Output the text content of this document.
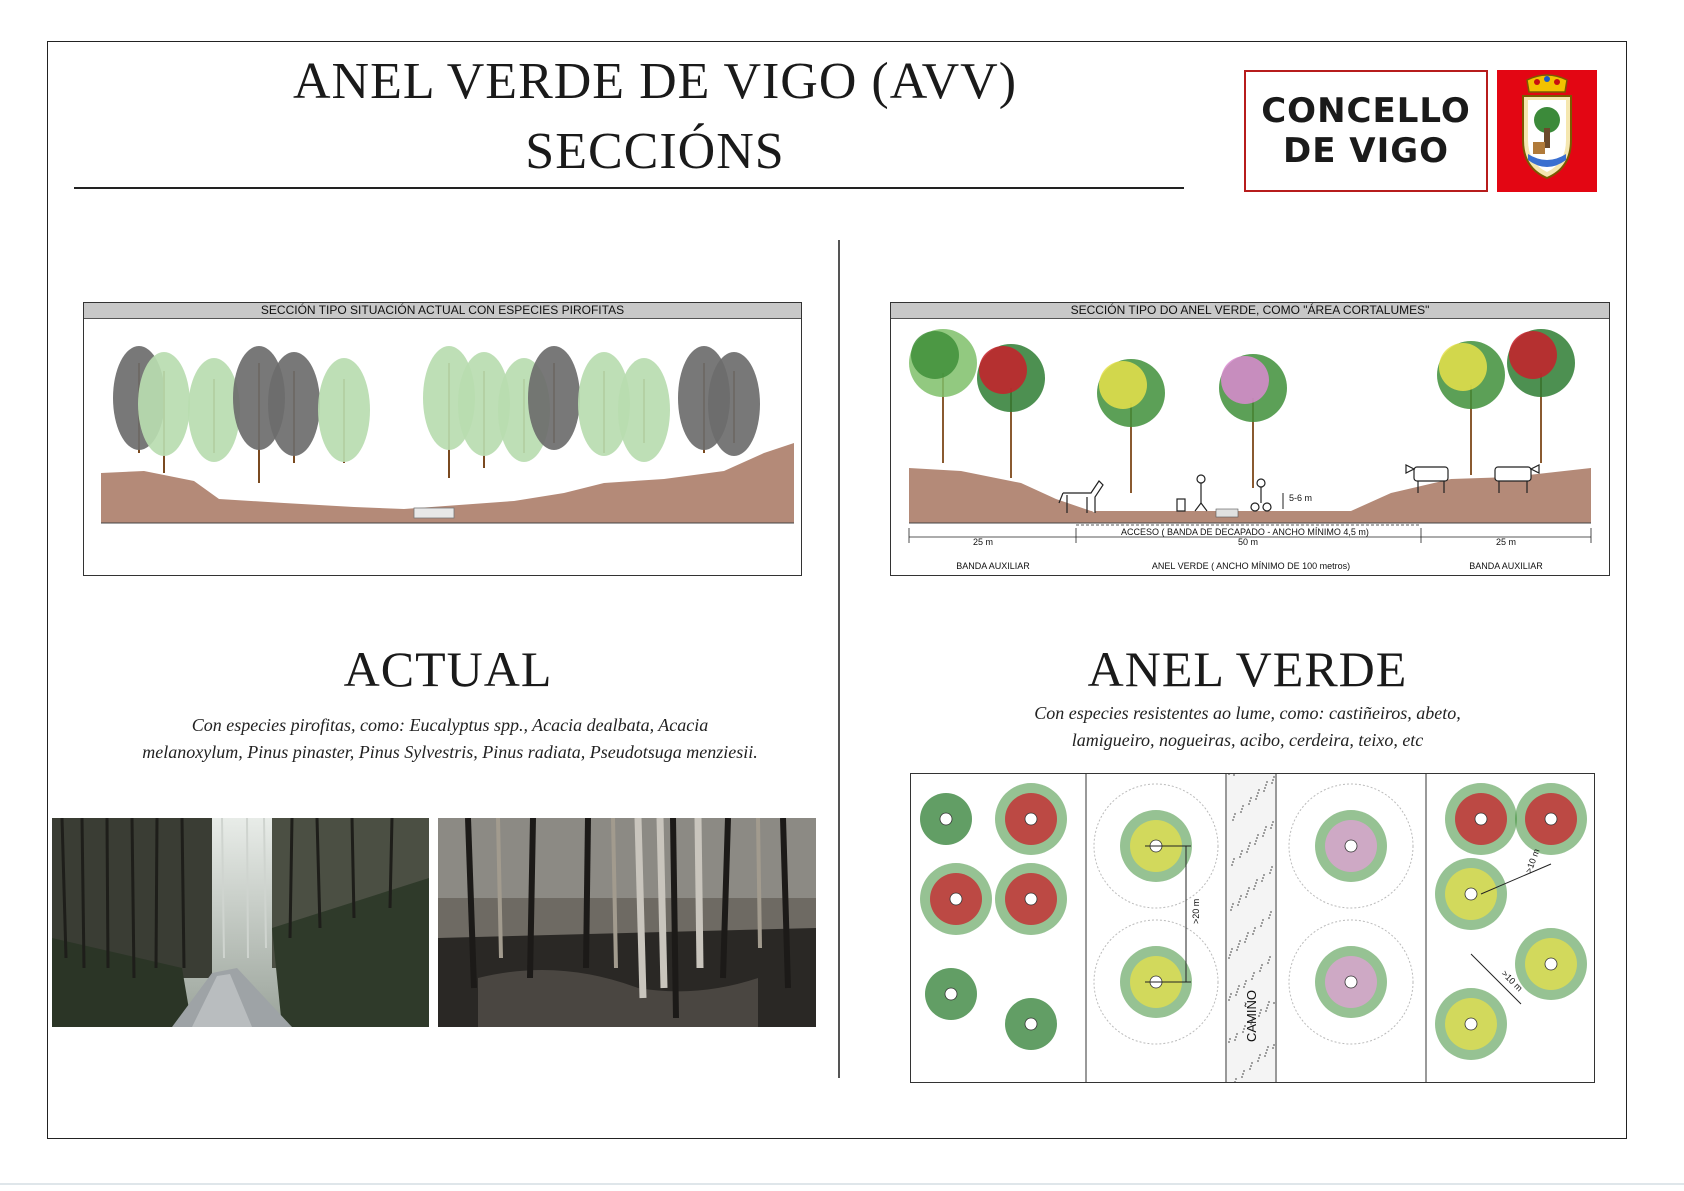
ANEL VERDE DE VIGO (AVV)
SECCIÓNS
CONCELLO
DE VIGO
SECCIÓN TIPO SITUACIÓN ACTUAL CON ESPECIES PIROFITAS
ACTUAL
Con especies pirofitas, como: Eucalyptus spp., Acacia dealbata, Acacia
melanoxylum, Pinus pinaster, Pinus Sylvestris, Pinus radiata, Pseudotsuga menziesii.
SECCIÓN TIPO DO ANEL VERDE, COMO "ÁREA CORTALUMES"
5-6 m
ACCESO ( BANDA DE DECAPADO - ANCHO MÍNIMO 4,5 m)
25 m	50 m	25 m
BANDA AUXILIAR	ANEL VERDE ( ANCHO MÍNIMO DE 100 metros)	BANDA AUXILIAR
ANEL VERDE
Con especies resistentes ao lume, como: castiñeiros, abeto,
lamigueiro, nogueiras, acibo, cerdeira, teixo, etc
>20 m
>10 m
>10 m
CAMIÑO
